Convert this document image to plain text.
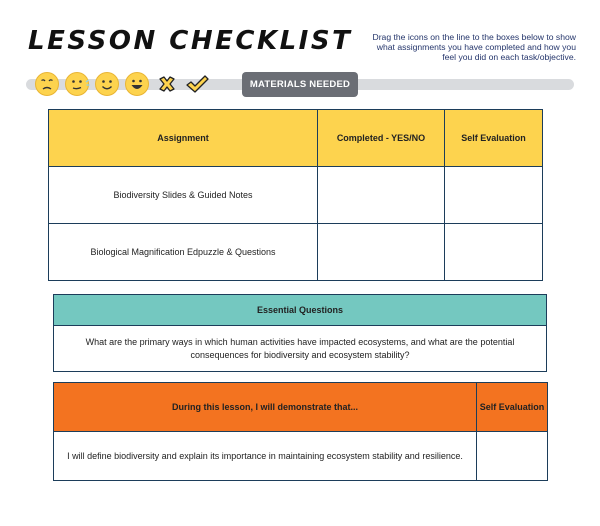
LESSON CHECKLIST	Drag the icons on the line to the boxes below to show
what assignments you have completed and how you
feel you did on each task/objective.
MATERIALS NEEDED
Assignment	Completed - YES/NO	Self Evaluation
Biodiversity Slides & Guided Notes		
Biological Magnification Edpuzzle & Questions		
Essential Questions

What are the primary ways in which human activities have impacted ecosystems, and what are the potential
consequences for biodiversity and ecosystem stability?
During this lesson, I will demonstrate that...	Self Evaluation
I will define biodiversity and explain its importance in maintaining ecosystem stability and resilience.	
